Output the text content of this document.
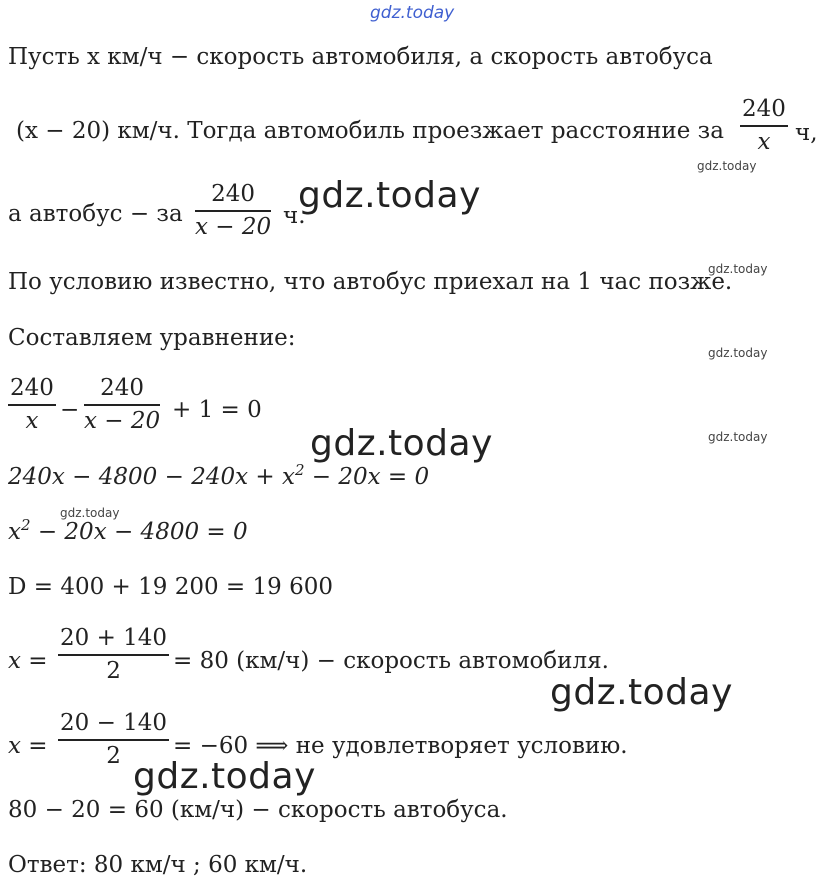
gdz.today
Пусть x км/ч − скорость автомобиля, а скорость автобуса
(x − 20) км/ч. Тогда автомобиль проезжает расстояние за
240
x	ч,
gdz.today
а автобус − за
240
x − 20 ч.
gdz.today
По условию известно, что автобус приехал на 1 час позже.
gdz.today
Составляем уравнение:
gdz.today
240
x −
240
x − 20 + 1 = 0
gdz.today
gdz.today
$240x - 4800 - 240x + x^2 - 20x = 0$
gdz.today
$x^2 - 20x - 4800 = 0$
D = 400 + 19 200 = 19 600
x =
20 + 140
2	= 80 (км/ч) − скорость автомобиля.
gdz.today
x =
20 − 140
2	= −60 ⟹ не удовлетворяет условию.
gdz.today
80 − 20 = 60 (км/ч) − скорость автобуса.
Ответ: 80 км/ч ; 60 км/ч.
